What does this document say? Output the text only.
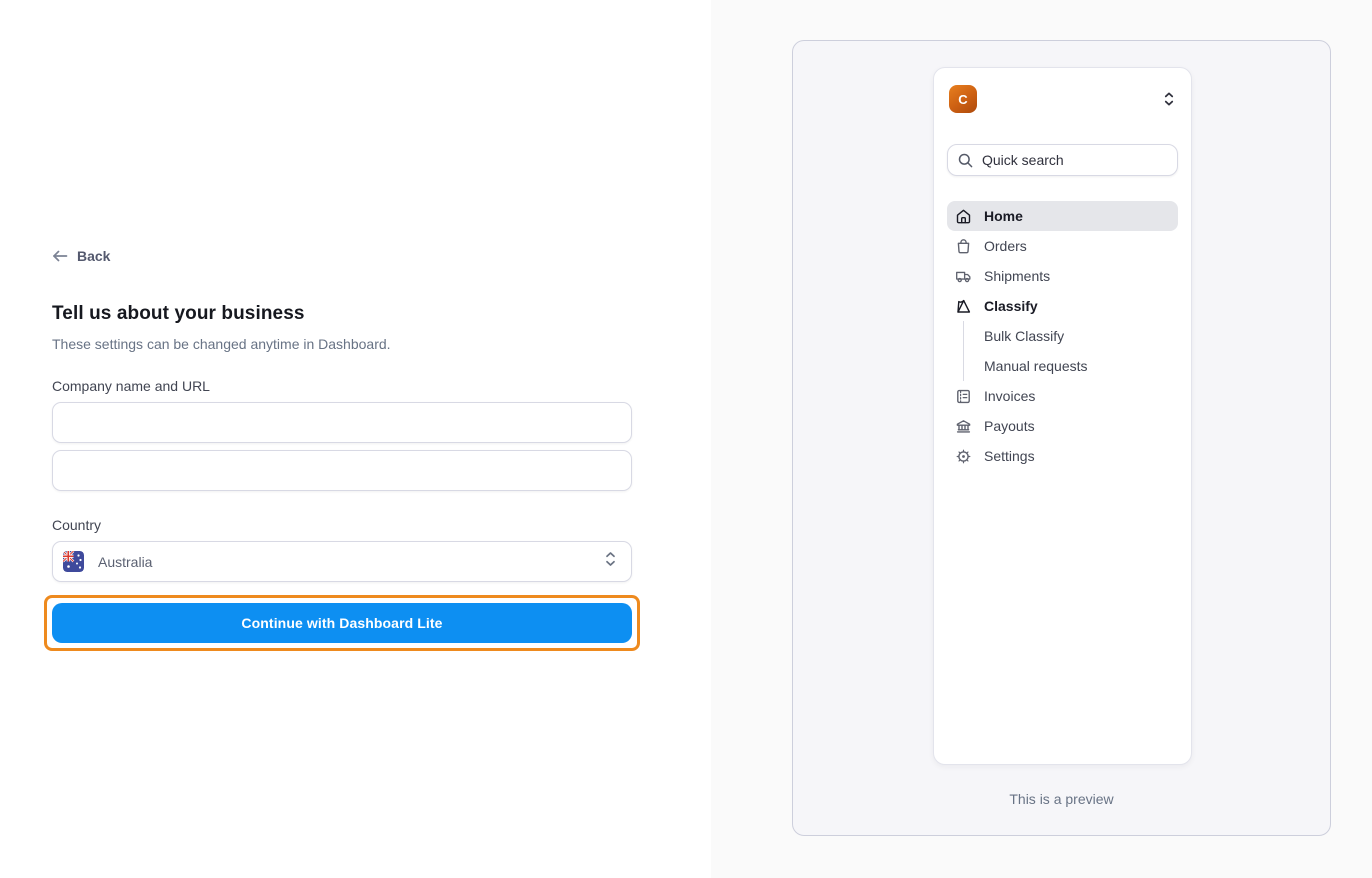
Back
Tell us about your business

These settings can be changed anytime in Dashboard.

Company name and URL
Country
Australia
Continue with Dashboard Lite
C
Quick search
Home
Orders
Shipments
Classify
Bulk Classify
Manual requests
Invoices
Payouts
Settings
This is a preview
